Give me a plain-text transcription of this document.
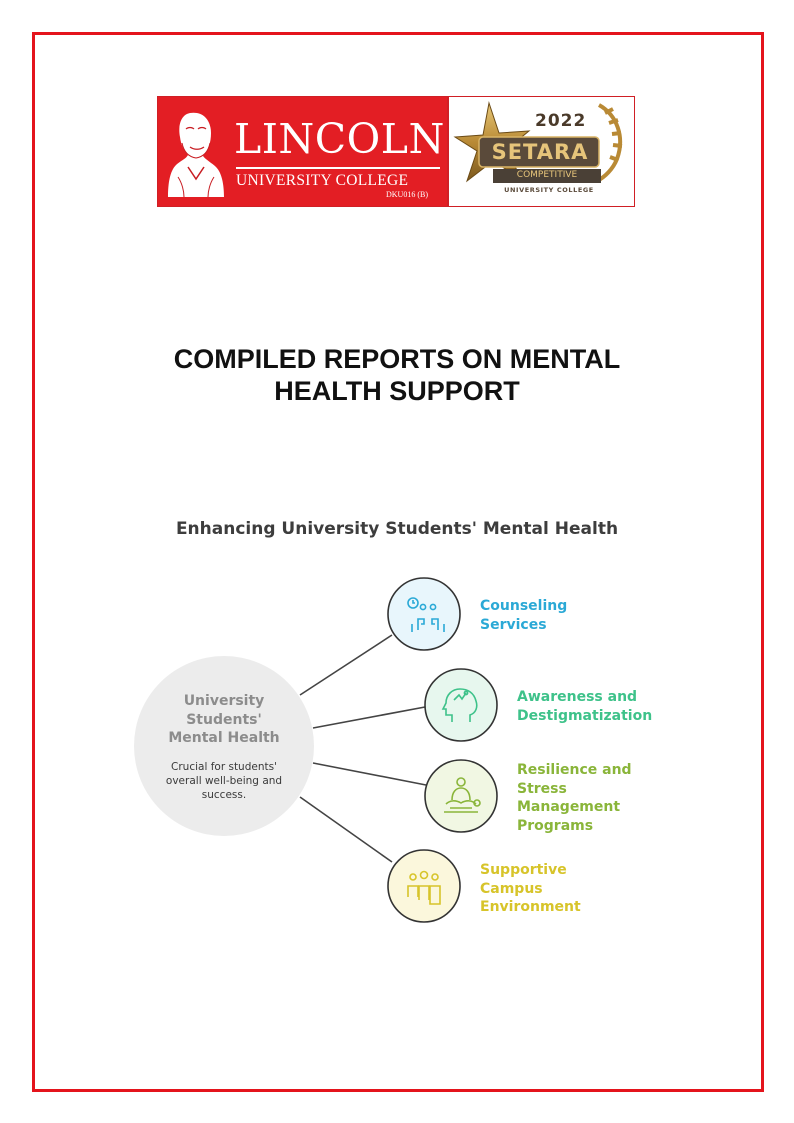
LINCOLN
UNIVERSITY COLLEGE
DKU016 (B)
2022
SETARA
COMPETITIVE
UNIVERSITY COLLEGE
COMPILED REPORTS ON MENTAL
HEALTH SUPPORT
Enhancing University Students' Mental Health
University
Students'
Mental Health
Crucial for students'
overall well-being and
success.
Counseling
Services
Awareness and
Destigmatization
Resilience and
Stress
Management
Programs
Supportive
Campus
Environment
